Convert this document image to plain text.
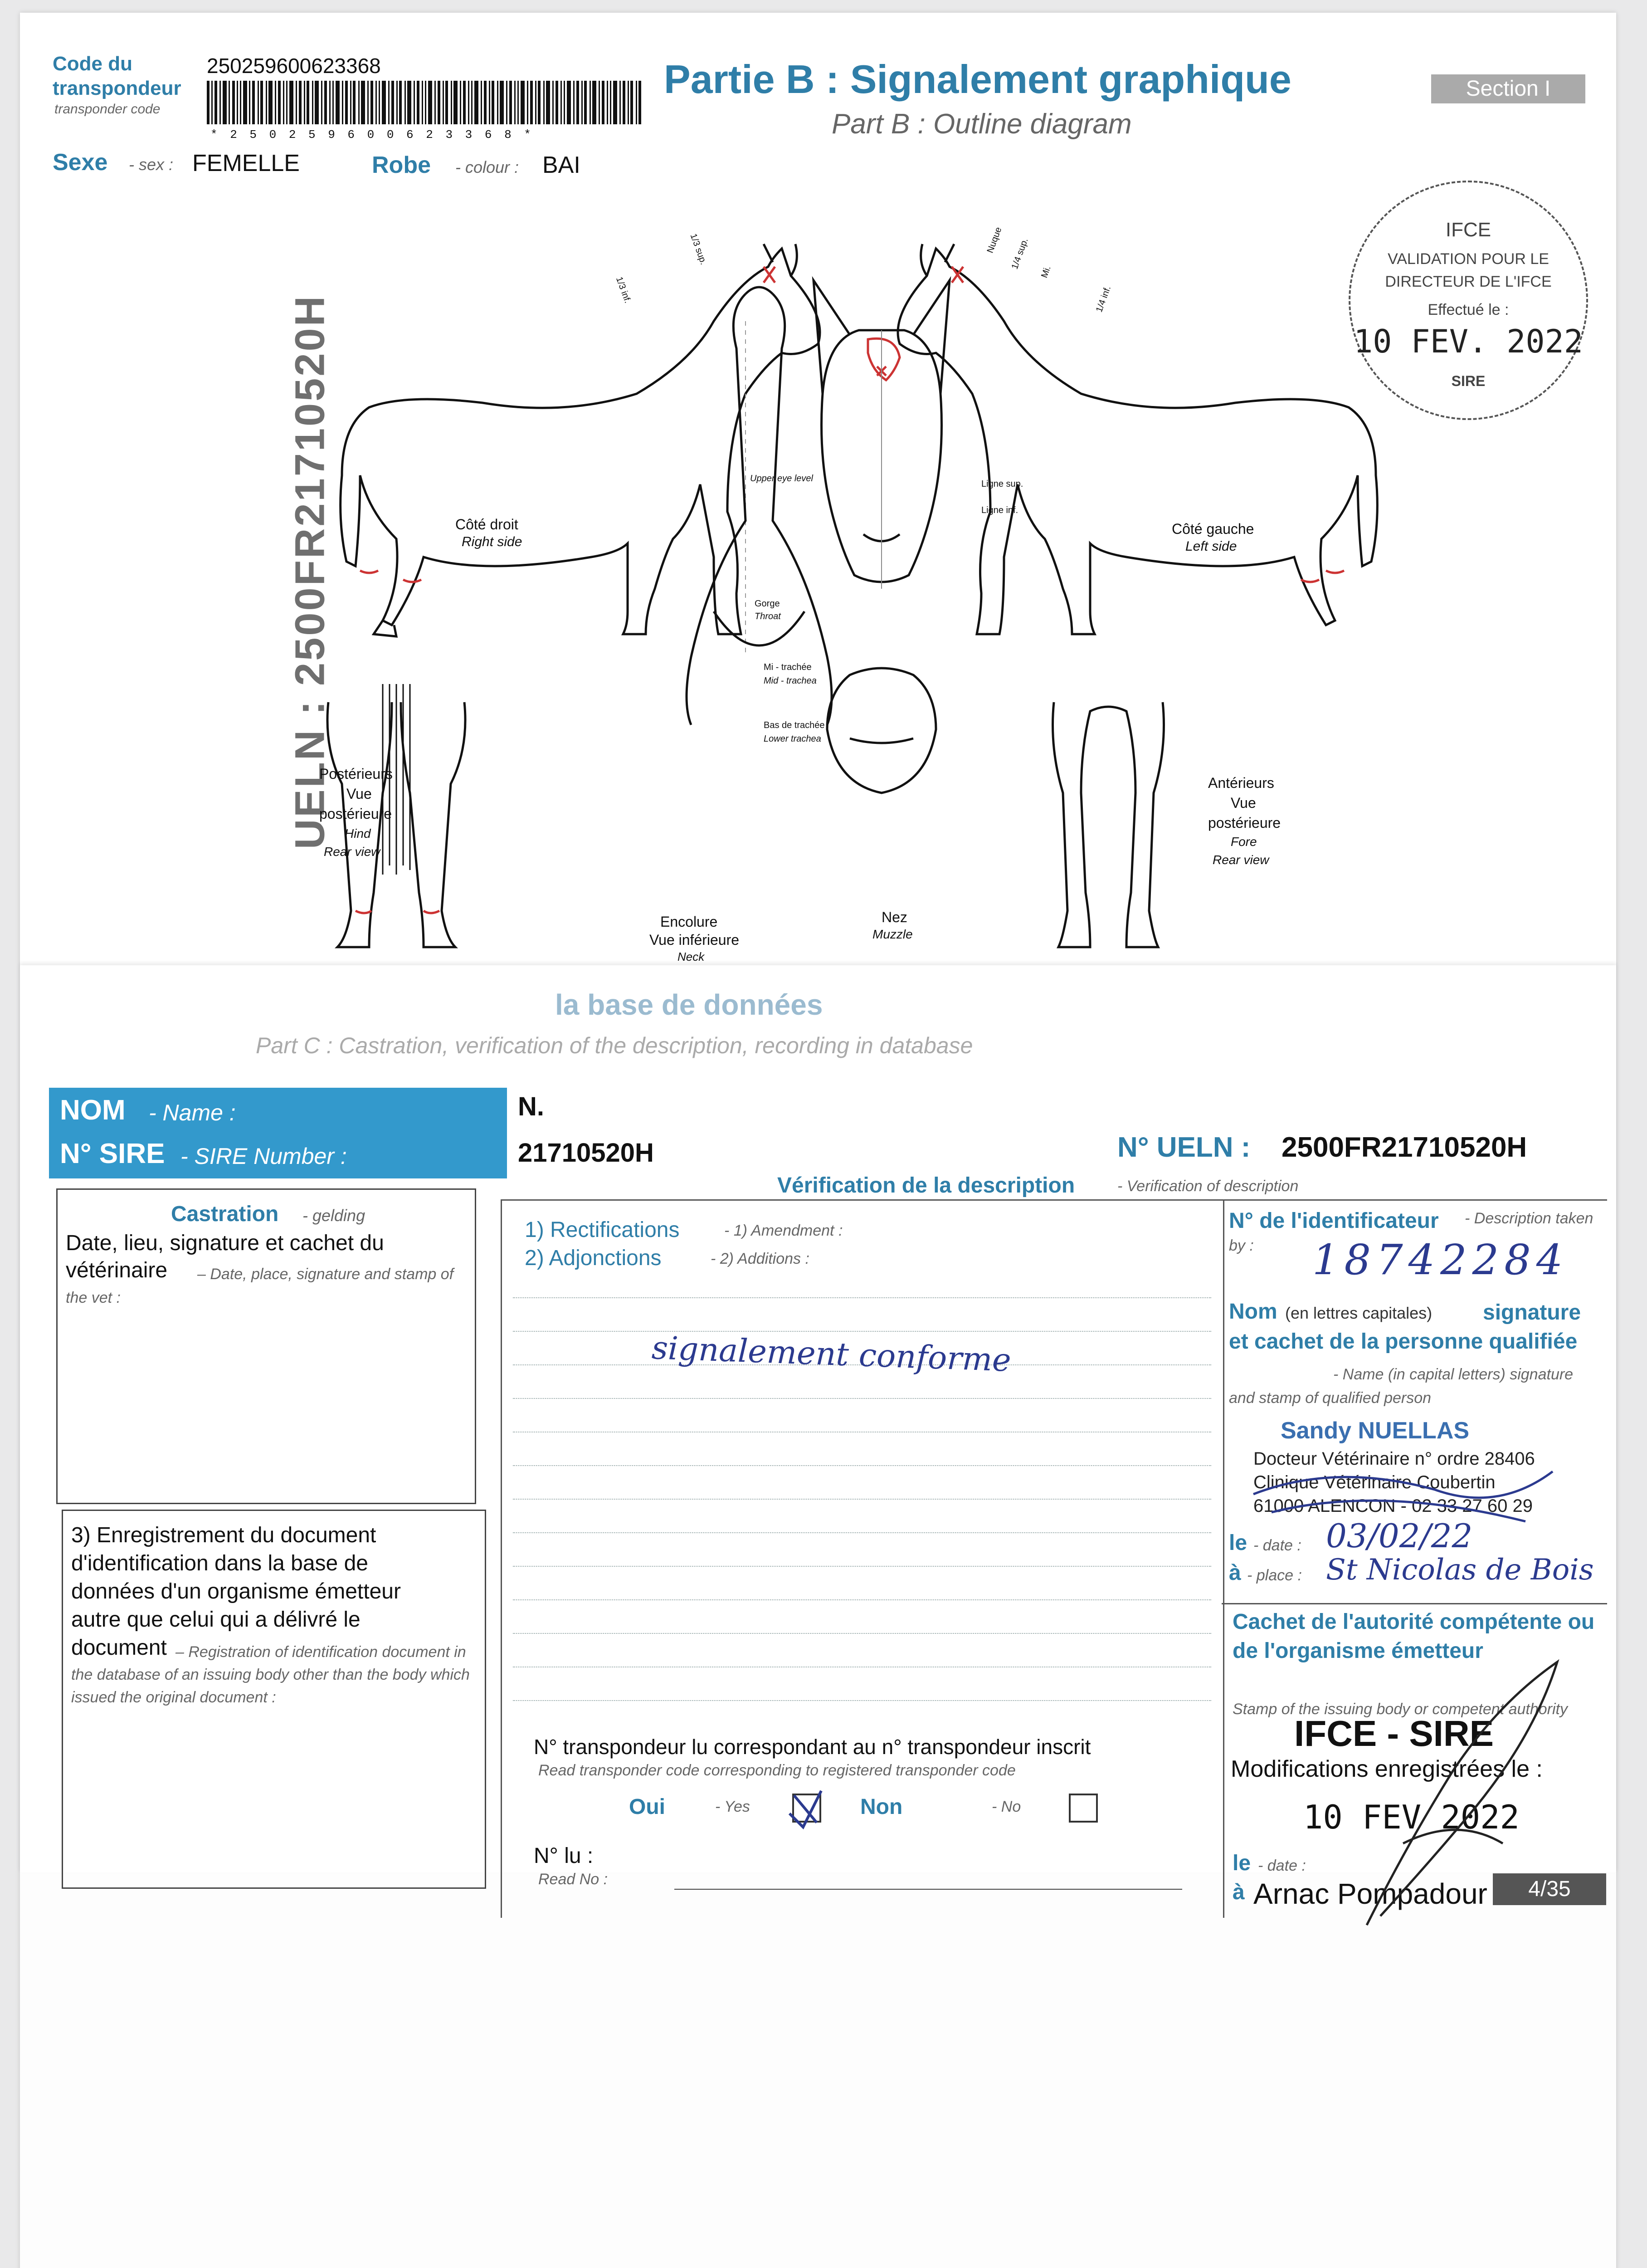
Code du transpondeur
transponder code
250259600623368
* 2 5 0 2 5 9 6 0 0 6 2 3 3 6 8 *
Sexe - sex : FEMELLE	Robe - colour : BAI
Partie B : Signalement graphique
Part B : Outline diagram
Section I
UELN : 2500FR21710520H
IFCE
VALIDATION POUR LE
DIRECTEUR DE L'IFCE
Effectué le :
10 FEV. 2022
SIRE
Côté droit
Right side
Côté gauche
Left side
Postérieurs
Vue
postérieure
Hind
Rear view
Antérieurs
Vue
postérieure
Fore
Rear view
Encolure
Vue inférieure
Neck
Nez
Muzzle
Upper eye level
Ligne sup.
Ligne inf.
Gorge
Throat
Mi - trachée
Mid - trachea
Bas de trachée
Lower trachea
1/3 sup.
1/3 inf.
Nuque 1/4 sup.
Mi.
1/4 inf.
la base de données
Part C : Castration, verification of the description, recording in database
NOM - Name :
N° SIRE - SIRE Number :
N.
21710520H	N° UELN : 2500FR21710520H
Castration - gelding
Date, lieu, signature et cachet du
vétérinaire	– Date, place, signature and stamp of the vet :
3) Enregistrement du document
d'identification dans la base de
données d'un organisme émetteur
autre que celui qui a délivré le
document – Registration of identification document in the database of an issuing body other than the body which issued the original document :
Vérification de la description	- Verification of description
1) Rectifications	- 1) Amendment :
2) Adjonctions	- 2) Additions :
signalement conforme
N° transpondeur lu correspondant au n° transpondeur inscrit
Read transponder code corresponding to registered transponder code
Oui	- Yes	Non	- No
N° lu :
Read No :
N° de l'identificateur	- Description taken by :	18742284
Nom (en lettres capitales)	signature et cachet de la personne qualifiée
- Name (in capital letters) signature and stamp of qualified person
Sandy NUELLAS
Docteur Vétérinaire n° ordre 28406
Clinique Vétérinaire Coubertin
61000 ALENCON - 02 33 27 60 29
le - date : 03/02/22
à - place : St Nicolas de Bois
Cachet de l'autorité compétente ou de l'organisme émetteur
Stamp of the issuing body or competent authority
IFCE - SIRE
Modifications enregistrées le :
10 FEV 2022
le - date :
à Arnac Pompadour	4/35
